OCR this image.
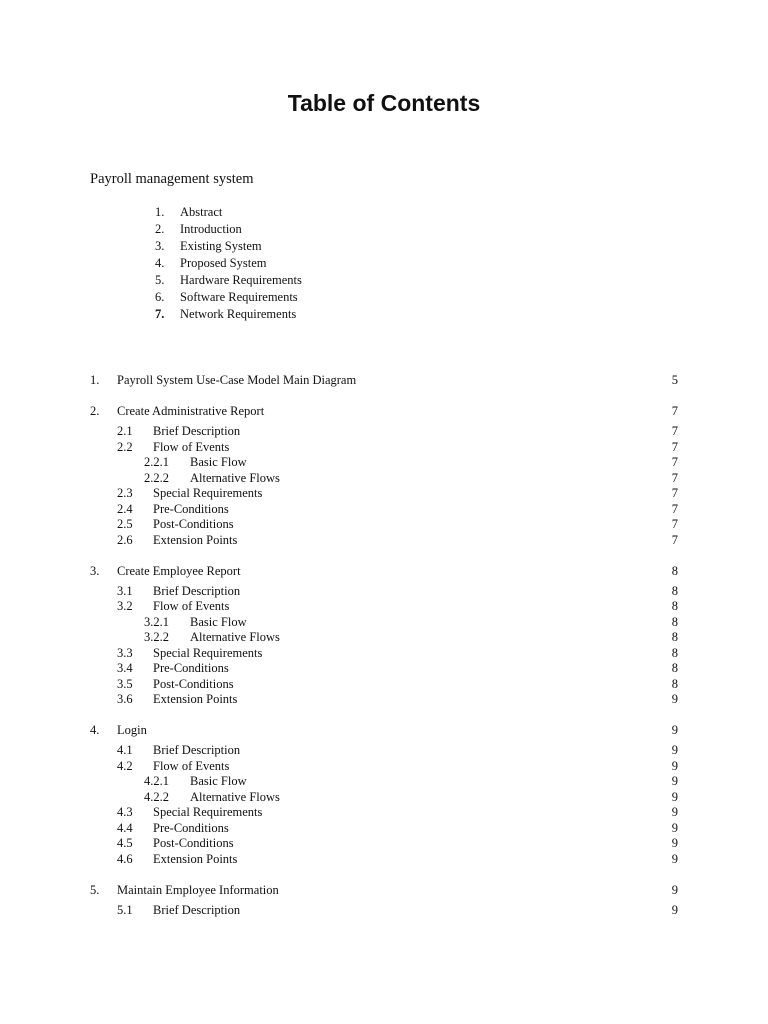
Table of Contents
Payroll management system
1.	Abstract
2.	Introduction
3.	Existing System
4.	Proposed System
5.	Hardware Requirements
6.	Software Requirements
7.	Network Requirements
1. Payroll System Use-Case Model Main Diagram	5
2. Create Administrative Report	7
2.1 Brief Description	7
2.2 Flow of Events	7
2.2.1 Basic Flow	7
2.2.2 Alternative Flows	7
2.3 Special Requirements	7
2.4 Pre-Conditions	7
2.5 Post-Conditions	7
2.6 Extension Points	7
3. Create Employee Report	8
3.1 Brief Description	8
3.2 Flow of Events	8
3.2.1 Basic Flow	8
3.2.2 Alternative Flows	8
3.3 Special Requirements	8
3.4 Pre-Conditions	8
3.5 Post-Conditions	8
3.6 Extension Points	9
4. Login	9
4.1 Brief Description	9
4.2 Flow of Events	9
4.2.1 Basic Flow	9
4.2.2 Alternative Flows	9
4.3 Special Requirements	9
4.4 Pre-Conditions	9
4.5 Post-Conditions	9
4.6 Extension Points	9
5. Maintain Employee Information	9
5.1 Brief Description	9
